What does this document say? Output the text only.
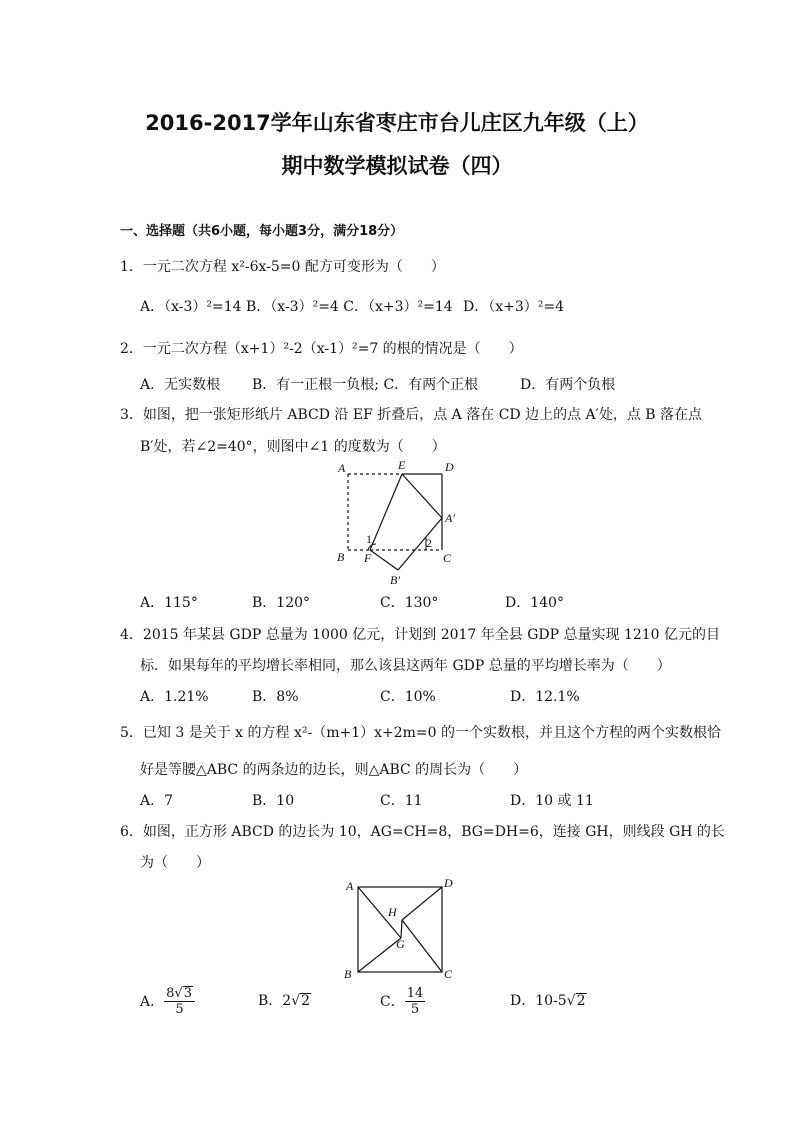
2016-2017学年山东省枣庄市台儿庄区九年级（上）
期中数学模拟试卷（四）
一、选择题（共6小题，每小题3分，满分18分）
1．一元二次方程 x²-6x-5=0 配方可变形为（　　）
A．（x-3）²=14 B．（x-3）²=4 C．（x+3）²=14 D．（x+3）²=4
2．一元二次方程（x+1）²-2（x-1）²=7 的根的情况是（　　）
A．无实数根 B．有一正根一负根; C．有两个正根	D．有两个负根
3．如图，把一张矩形纸片 ABCD 沿 EF 折叠后，点 A 落在 CD 边上的点 A′处，点 B 落在点
B′处，若∠2=40°，则图中∠1 的度数为（　　）
A	E	D
A′
1	2
B F	C
B′
A．115°	B．120°	C．130°	D．140°
4．2015 年某县 GDP 总量为 1000 亿元，计划到 2017 年全县 GDP 总量实现 1210 亿元的目
标．如果每年的平均增长率相同，那么该县这两年 GDP 总量的平均增长率为（　　）
A．1.21%	B．8%	C．10%	D．12.1%
5．已知 3 是关于 x 的方程 x²-（m+1）x+2m=0 的一个实数根，并且这个方程的两个实数根恰
好是等腰△ABC 的两条边的边长，则△ABC 的周长为（　　）
A．7	B．10	C．11	D．10 或 11
6．如图，正方形 ABCD 的边长为 10，AG=CH=8，BG=DH=6，连接 GH，则线段 GH 的长
为（　　）
A	D
H
G
B	C
A． $\frac{8√3}{5}$	B．2√2	C． $\frac{14}{5}$	D．10-5√2
